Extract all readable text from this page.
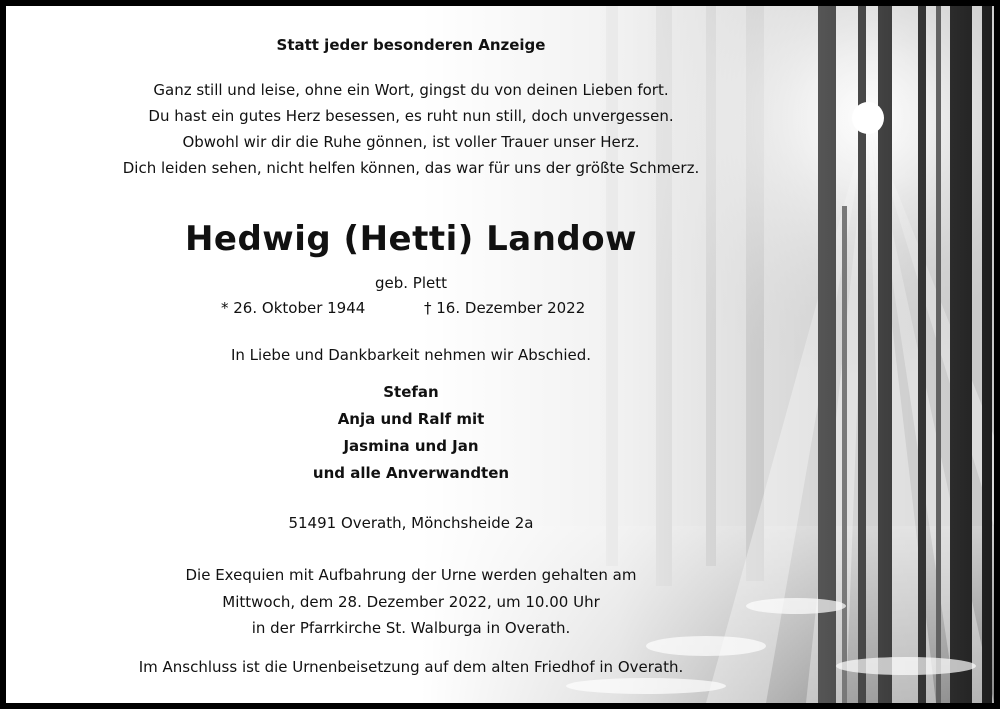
Statt jeder besonderen Anzeige
Ganz still und leise, ohne ein Wort, gingst du von deinen Lieben fort.
Du hast ein gutes Herz besessen, es ruht nun still, doch unvergessen.
Obwohl wir dir die Ruhe gönnen, ist voller Trauer unser Herz.
Dich leiden sehen, nicht helfen können, das war für uns der größte Schmerz.
Hedwig (Hetti) Landow
geb. Plett
* 26. Oktober 1944	† 16. Dezember 2022
In Liebe und Dankbarkeit nehmen wir Abschied.
Stefan
Anja und Ralf mit
Jasmina und Jan
und alle Anverwandten
51491 Overath, Mönchsheide 2a
Die Exequien mit Aufbahrung der Urne werden gehalten am
Mittwoch, dem 28. Dezember 2022, um 10.00 Uhr
in der Pfarrkirche St. Walburga in Overath.
Im Anschluss ist die Urnenbeisetzung auf dem alten Friedhof in Overath.
